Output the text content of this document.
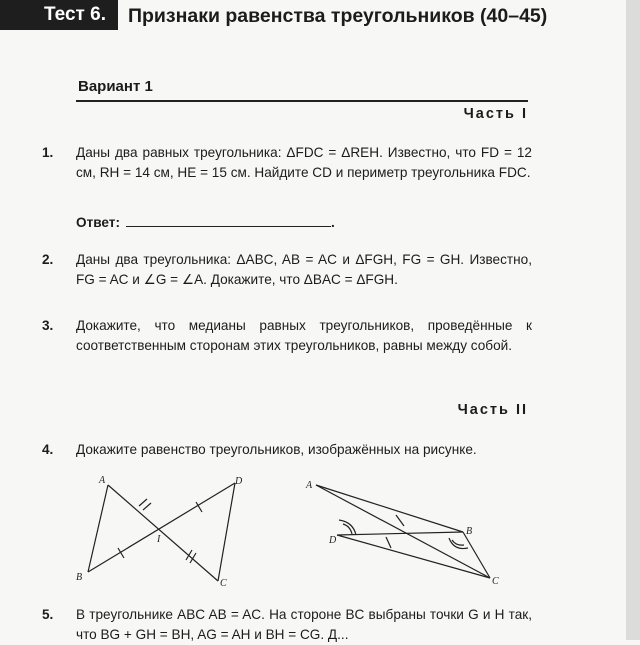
Тест 6.	Признаки равенства треугольников (40–45)
Вариант 1
Часть I
1. Даны два равных треугольника: ΔFDC = ΔREH. Известно, что FD = 12 см, RH = 14 см, HE = 15 см. Найдите CD и периметр треугольника FDC.
Ответ:	.
2. Даны два треугольника: ΔABC, AB = AC и ΔFGH, FG = GH. Известно, FG = AC и ∠G = ∠A. Докажите, что ΔBAC = ΔFGH.
3. Докажите, что медианы равных треугольников, проведённые к соответственным сторонам этих треугольников, равны между собой.
Часть II
4. Докажите равенство треугольников, изображённых на рисунке.
A
B
C
D
I
A
B
C
D
5. В треугольнике ABC AB = AC. На стороне BC выбраны точки G и H так, что BG + GH = BH, AG = AH и BH = CG. Д...
